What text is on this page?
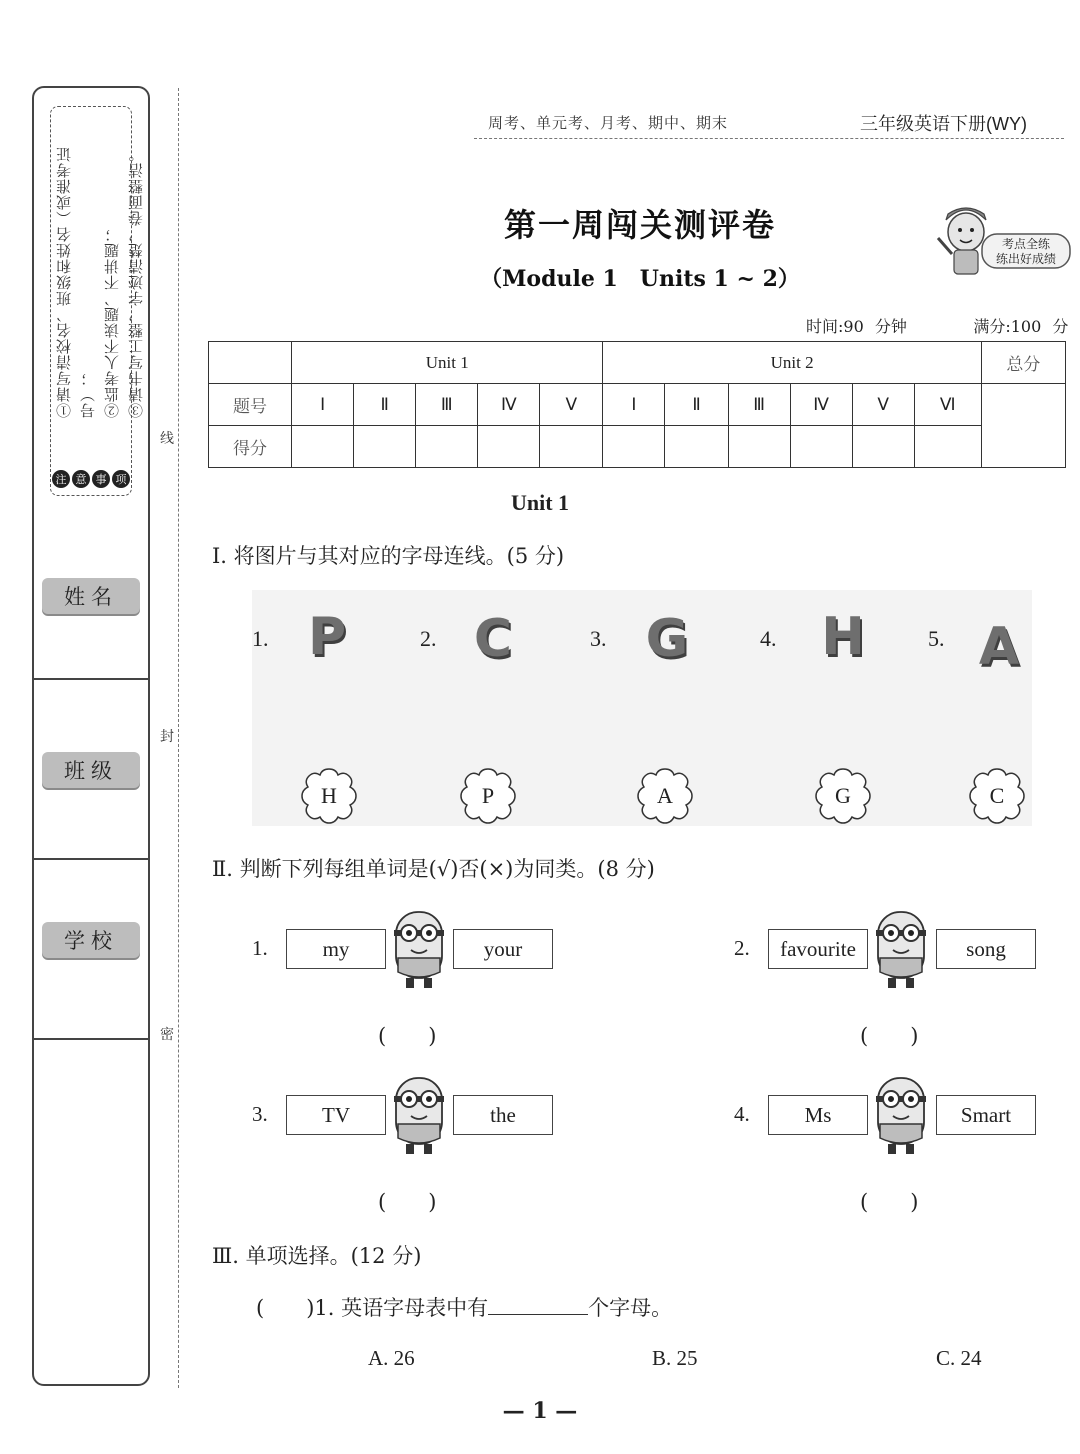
①请写清校名、班级和姓名（或准考证号）； ②监考人不读题、不讲题； ③请书写工整，字迹清楚，卷面整洁。
注 意 事 项
姓名
班级
学校
线
封
密
周考、单元考、月考、期中、期末	三年级英语下册(WY)
第一周闯关测评卷
（Module 1　Units 1 ~ 2）
考点全练
练出好成绩
时间:90 分钟	满分:100 分
	Unit 1					Unit 2						总分
题号	Ⅰ	Ⅱ	Ⅲ	Ⅳ	Ⅴ	Ⅰ	Ⅱ	Ⅲ	Ⅳ	Ⅴ	Ⅵ	
得分												
Unit 1
Ⅰ. 将图片与其对应的字母连线。(5 分)
1. P	2. C	3. G	4. H	5. A
H	P	A	G	C
Ⅱ. 判断下列每组单词是(√)否(×)为同类。(8 分)
1.	my	your
(　　)
2.	favourite	song
(　　)
3.	TV	the
(　　)
4.	Ms	Smart
(　　)
Ⅲ. 单项选择。(12 分)
(　　)1. 英语字母表中有	个字母。
A. 26	B. 25	C. 24
— 1 —
